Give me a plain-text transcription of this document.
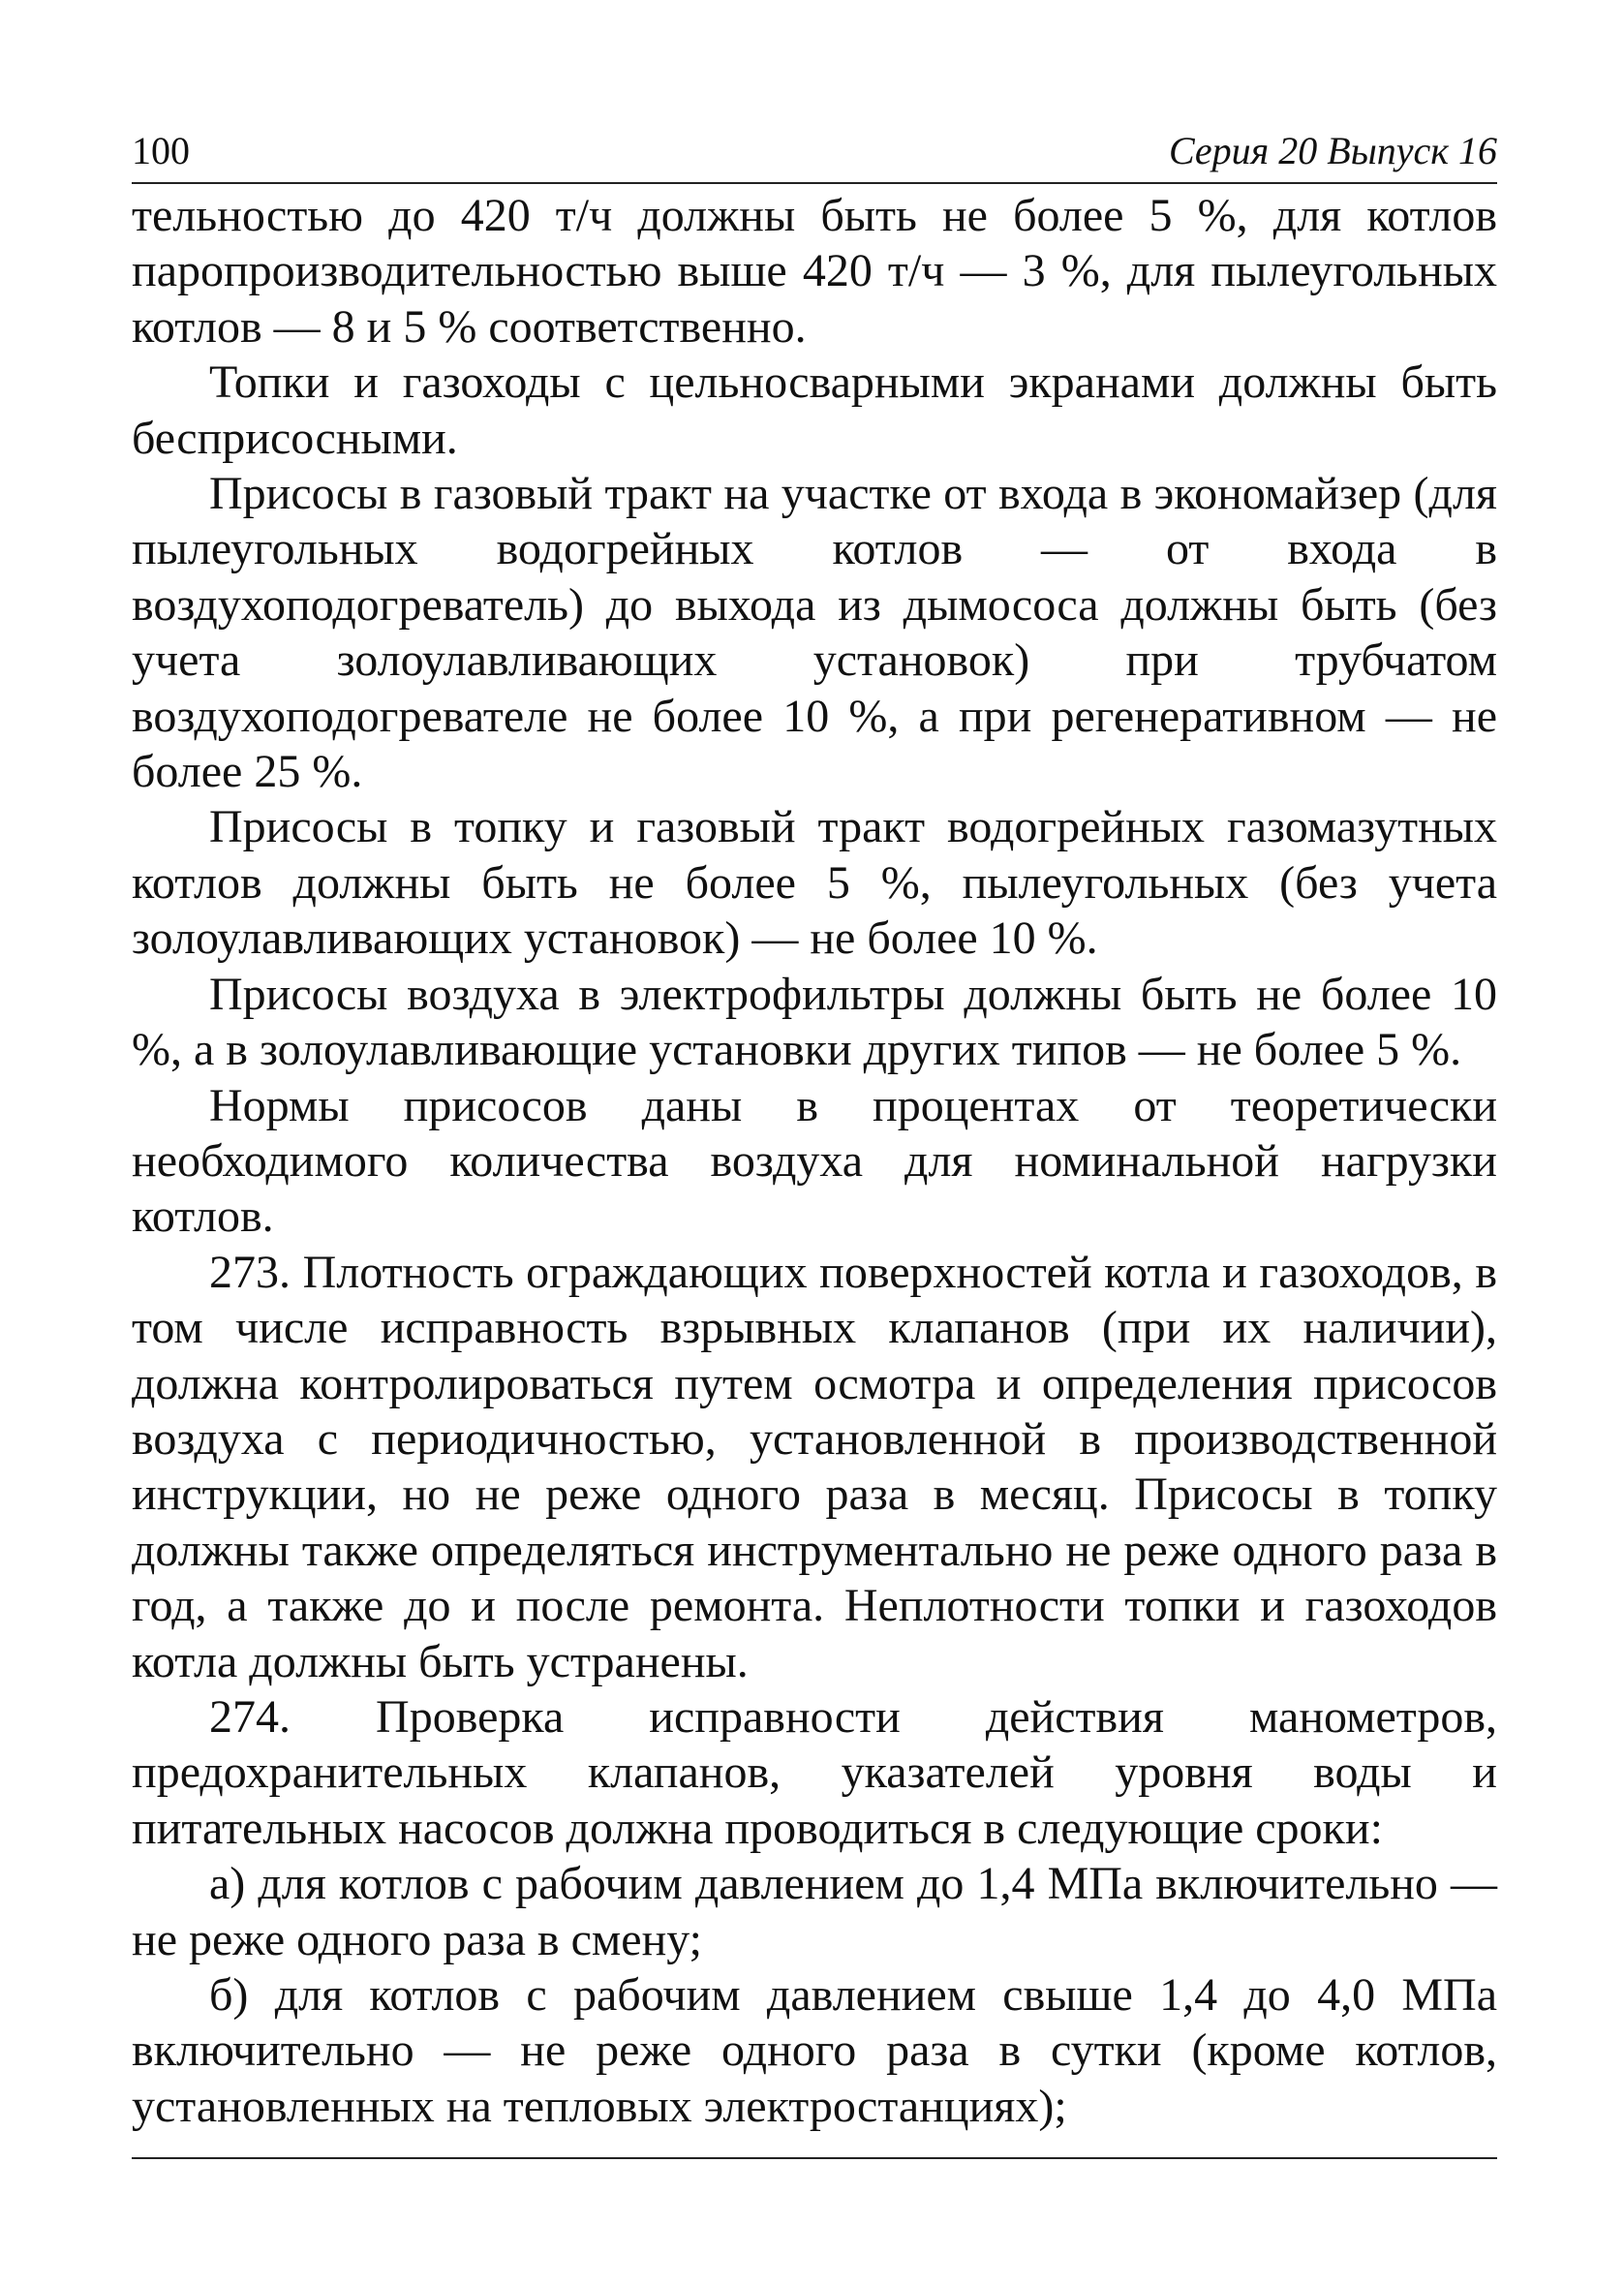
100	Серия 20 Выпуск 16

тельностью до 420 т/ч должны быть не более 5 %, для котлов паропроизводительностью выше 420 т/ч — 3 %, для пылеугольных котлов — 8 и 5 % соответственно.

Топки и газоходы с цельносварными экранами должны быть бесприсосными.

Присосы в газовый тракт на участке от входа в экономайзер (для пылеугольных водогрейных котлов — от входа в воздухоподогреватель) до выхода из дымососа должны быть (без учета золоулавливающих установок) при трубчатом воздухоподогревателе не более 10 %, а при регенеративном — не более 25 %.

Присосы в топку и газовый тракт водогрейных газомазутных котлов должны быть не более 5 %, пылеугольных (без учета золоулавливающих установок) — не более 10 %.

Присосы воздуха в электрофильтры должны быть не более 10 %, а в золоулавливающие установки других типов — не более 5 %.

Нормы присосов даны в процентах от теоретически необходимого количества воздуха для номинальной нагрузки котлов.

273. Плотность ограждающих поверхностей котла и газоходов, в том числе исправность взрывных клапанов (при их наличии), должна контролироваться путем осмотра и определения присосов воздуха с периодичностью, установленной в производственной инструкции, но не реже одного раза в месяц. Присосы в топку должны также определяться инструментально не реже одного раза в год, а также до и после ремонта. Неплотности топки и газоходов котла должны быть устранены.

274. Проверка исправности действия манометров, предохранительных клапанов, указателей уровня воды и питательных насосов должна проводиться в следующие сроки:

а) для котлов с рабочим давлением до 1,4 МПа включительно — не реже одного раза в смену;

б) для котлов с рабочим давлением свыше 1,4 до 4,0 МПа включительно — не реже одного раза в сутки (кроме котлов, установленных на тепловых электростанциях);
